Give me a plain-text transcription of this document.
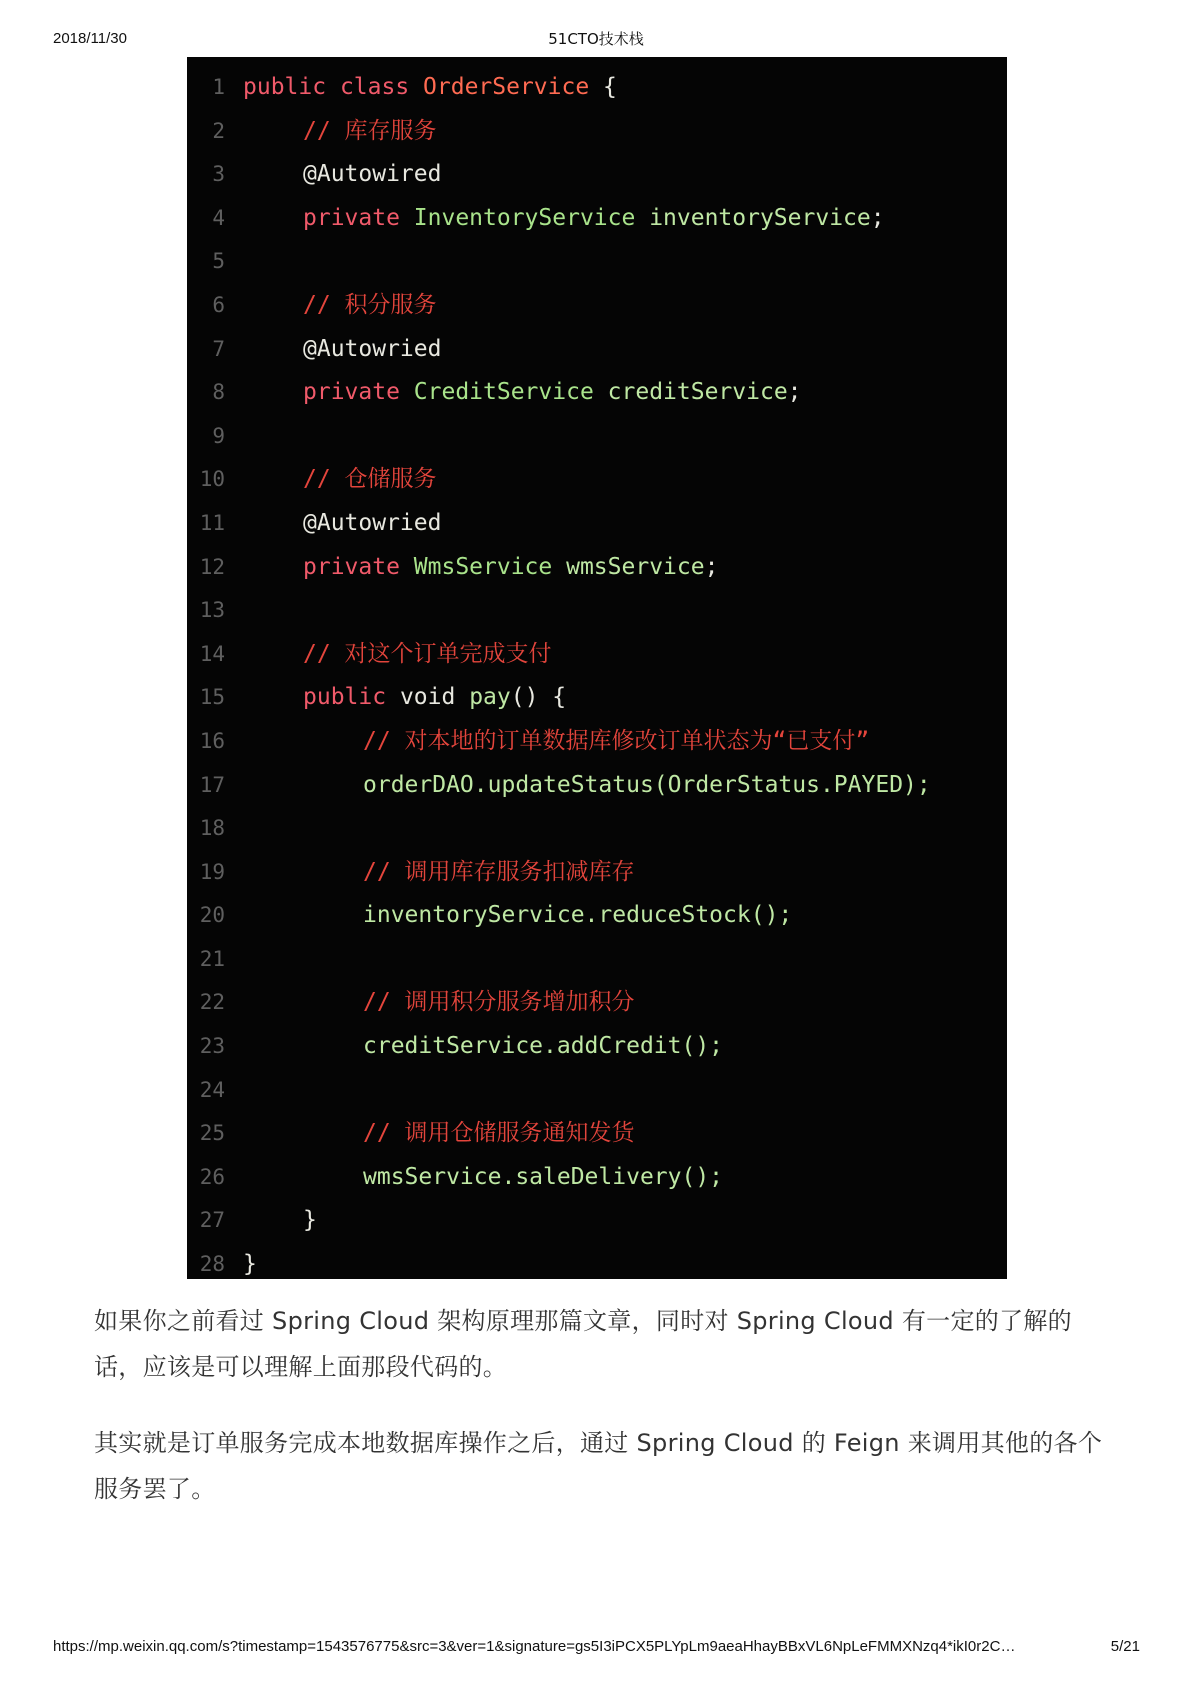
2018/11/30	51CTO技术栈
1 public class OrderService {
2	// 库存服务
3	@Autowired
4	private InventoryService inventoryService;
5
6	// 积分服务
7	@Autowried
8	private CreditService creditService;
9
10	// 仓储服务
11	@Autowried
12	private WmsService wmsService;
13
14	// 对这个订单完成支付
15	public void pay() {
16	// 对本地的订单数据库修改订单状态为“已支付”
17	orderDAO.updateStatus(OrderStatus.PAYED);
18
19	// 调用库存服务扣减库存
20	inventoryService.reduceStock();
21
22	// 调用积分服务增加积分
23	creditService.addCredit();
24
25	// 调用仓储服务通知发货
26	wmsService.saleDelivery();
27	}
28 }
如果你之前看过 Spring Cloud 架构原理那篇文章，同时对 Spring Cloud 有一定的了解的话，应该是可以理解上面那段代码的。
其实就是订单服务完成本地数据库操作之后，通过 Spring Cloud 的 Feign 来调用其他的各个服务罢了。
https://mp.weixin.qq.com/s?timestamp=1543576775&src=3&ver=1&signature=gs5I3iPCX5PLYpLm9aeaHhayBBxVL6NpLeFMMXNzq4*ikI0r2C…	5/21
